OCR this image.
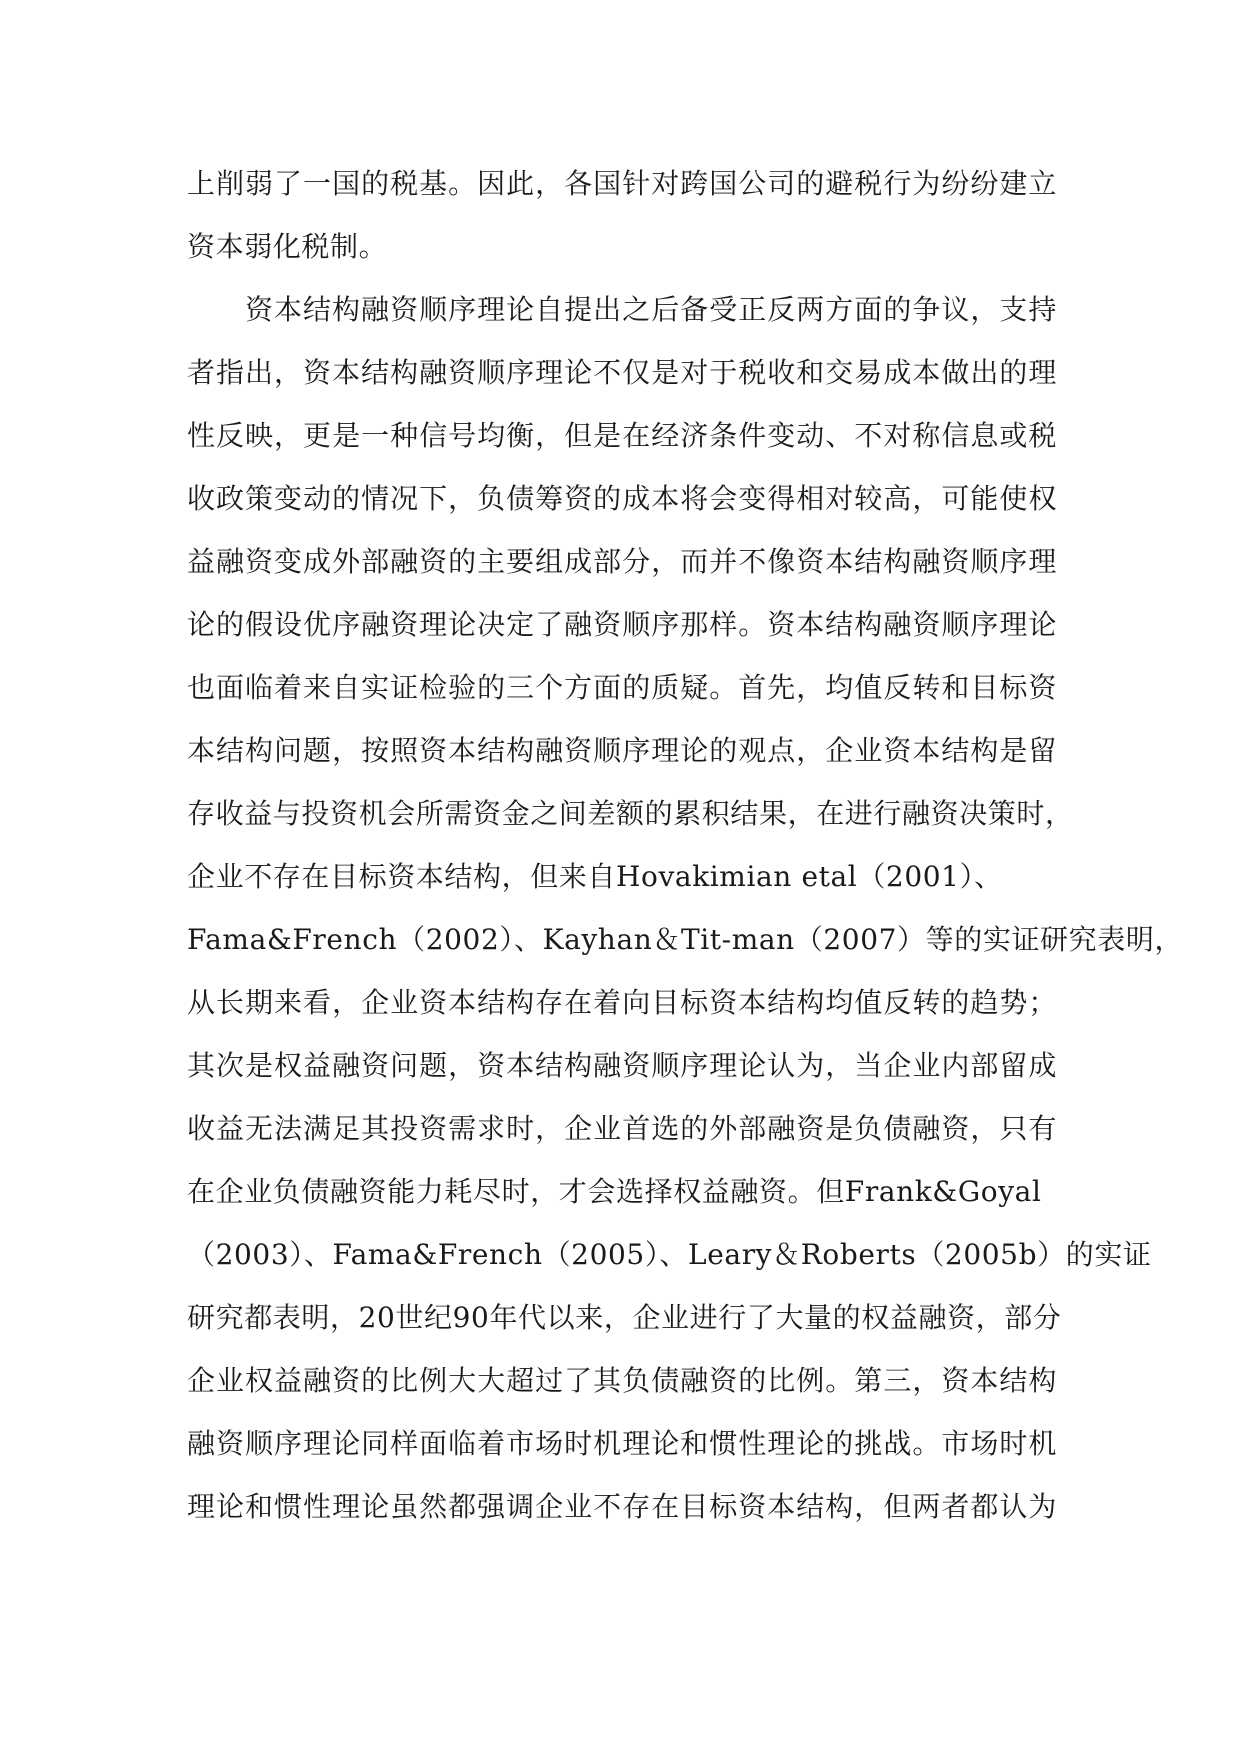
上削弱了一国的税基。因此，各国针对跨国公司的避税行为纷纷建立
资本弱化税制。
资本结构融资顺序理论自提出之后备受正反两方面的争议，支持
者指出，资本结构融资顺序理论不仅是对于税收和交易成本做出的理
性反映，更是一种信号均衡，但是在经济条件变动、不对称信息或税
收政策变动的情况下，负债筹资的成本将会变得相对较高，可能使权
益融资变成外部融资的主要组成部分，而并不像资本结构融资顺序理
论的假设优序融资理论决定了融资顺序那样。资本结构融资顺序理论
也面临着来自实证检验的三个方面的质疑。首先，均值反转和目标资
本结构问题，按照资本结构融资顺序理论的观点，企业资本结构是留
存收益与投资机会所需资金之间差额的累积结果，在进行融资决策时，
企业不存在目标资本结构，但来自Hovakimian etal（2001）、
Fama&French（2002）、Kayhan＆Tit-man（2007）等的实证研究表明，
从长期来看，企业资本结构存在着向目标资本结构均值反转的趋势；
其次是权益融资问题，资本结构融资顺序理论认为，当企业内部留成
收益无法满足其投资需求时，企业首选的外部融资是负债融资，只有
在企业负债融资能力耗尽时，才会选择权益融资。但Frank&Goyal
（2003）、Fama&French（2005）、Leary＆Roberts（2005b）的实证
研究都表明，20世纪90年代以来，企业进行了大量的权益融资，部分
企业权益融资的比例大大超过了其负债融资的比例。第三，资本结构
融资顺序理论同样面临着市场时机理论和惯性理论的挑战。市场时机
理论和惯性理论虽然都强调企业不存在目标资本结构，但两者都认为
